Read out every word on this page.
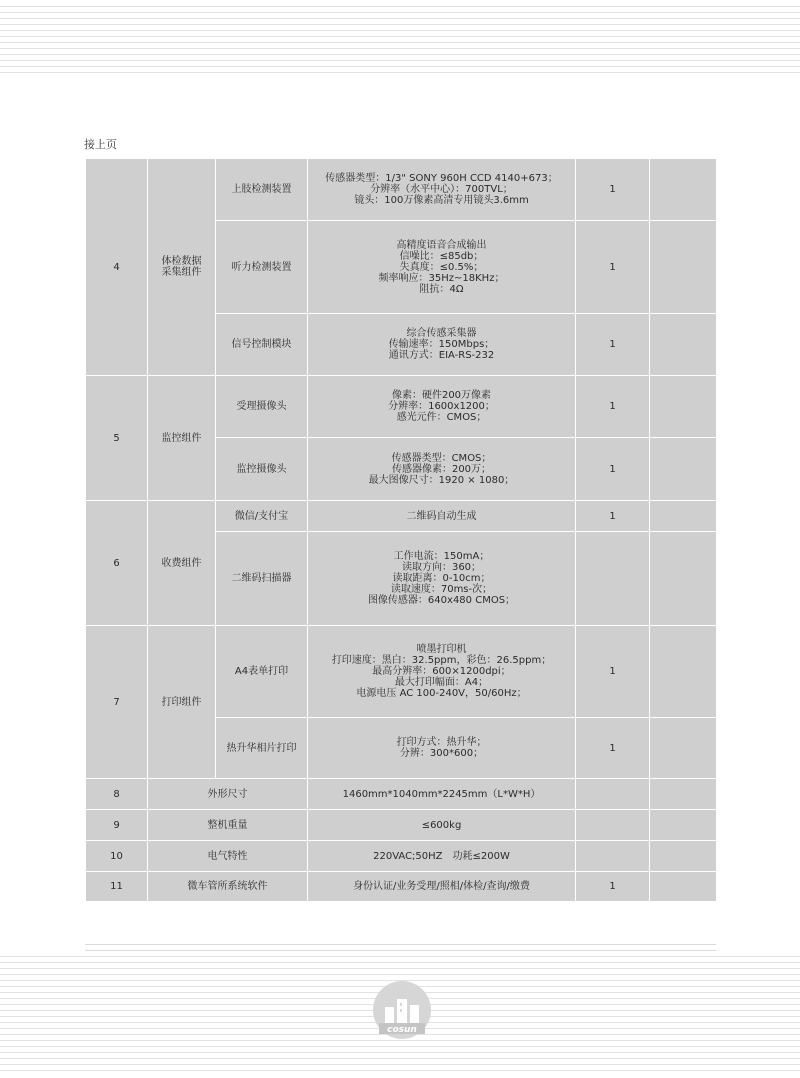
接上页
4	体检数据
采集组件	上肢检测装置	传感器类型：1/3" SONY 960H CCD 4140+673；
分辨率（水平中心）：700TVL；
镜头：100万像素高清专用镜头3.6mm	1	
		听力检测装置	高精度语音合成输出
信噪比：≤85db；
失真度：≤0.5%；
频率响应：35Hz~18KHz；
阻抗：4Ω	1	
		信号控制模块	综合传感采集器
传输速率：150Mbps；
通讯方式：EIA-RS-232	1	
5	监控组件	受理摄像头	像素：硬件200万像素
分辨率：1600x1200；
感光元件：CMOS；	1	
		监控摄像头	传感器类型：CMOS；
传感器像素：200万；
最大图像尺寸：1920 × 1080；	1	
6	收费组件	微信/支付宝	二维码自动生成	1	
		二维码扫描器	工作电流：150mA；
读取方向：360；
读取距离：0-10cm；
读取速度：70ms-次；
图像传感器：640x480 CMOS；		

7	打印组件	A4表单打印	喷墨打印机
打印速度：黑白：32.5ppm，彩色：26.5ppm；
最高分辨率：600×1200dpi；
最大打印幅面：A4；
电源电压 AC 100-240V，50/60Hz；	1	
		热升华相片打印	打印方式：热升华；
分辨：300*600；	1	
8	外形尺寸		1460mm*1040mm*2245mm（L*W*H）		
9	整机重量		≤600kg		
10	电气特性		220VAC;50HZ　功耗≤200W		
11	微车管所系统软件		身份认证/业务受理/照相/体检/查询/缴费	1	
cosun
